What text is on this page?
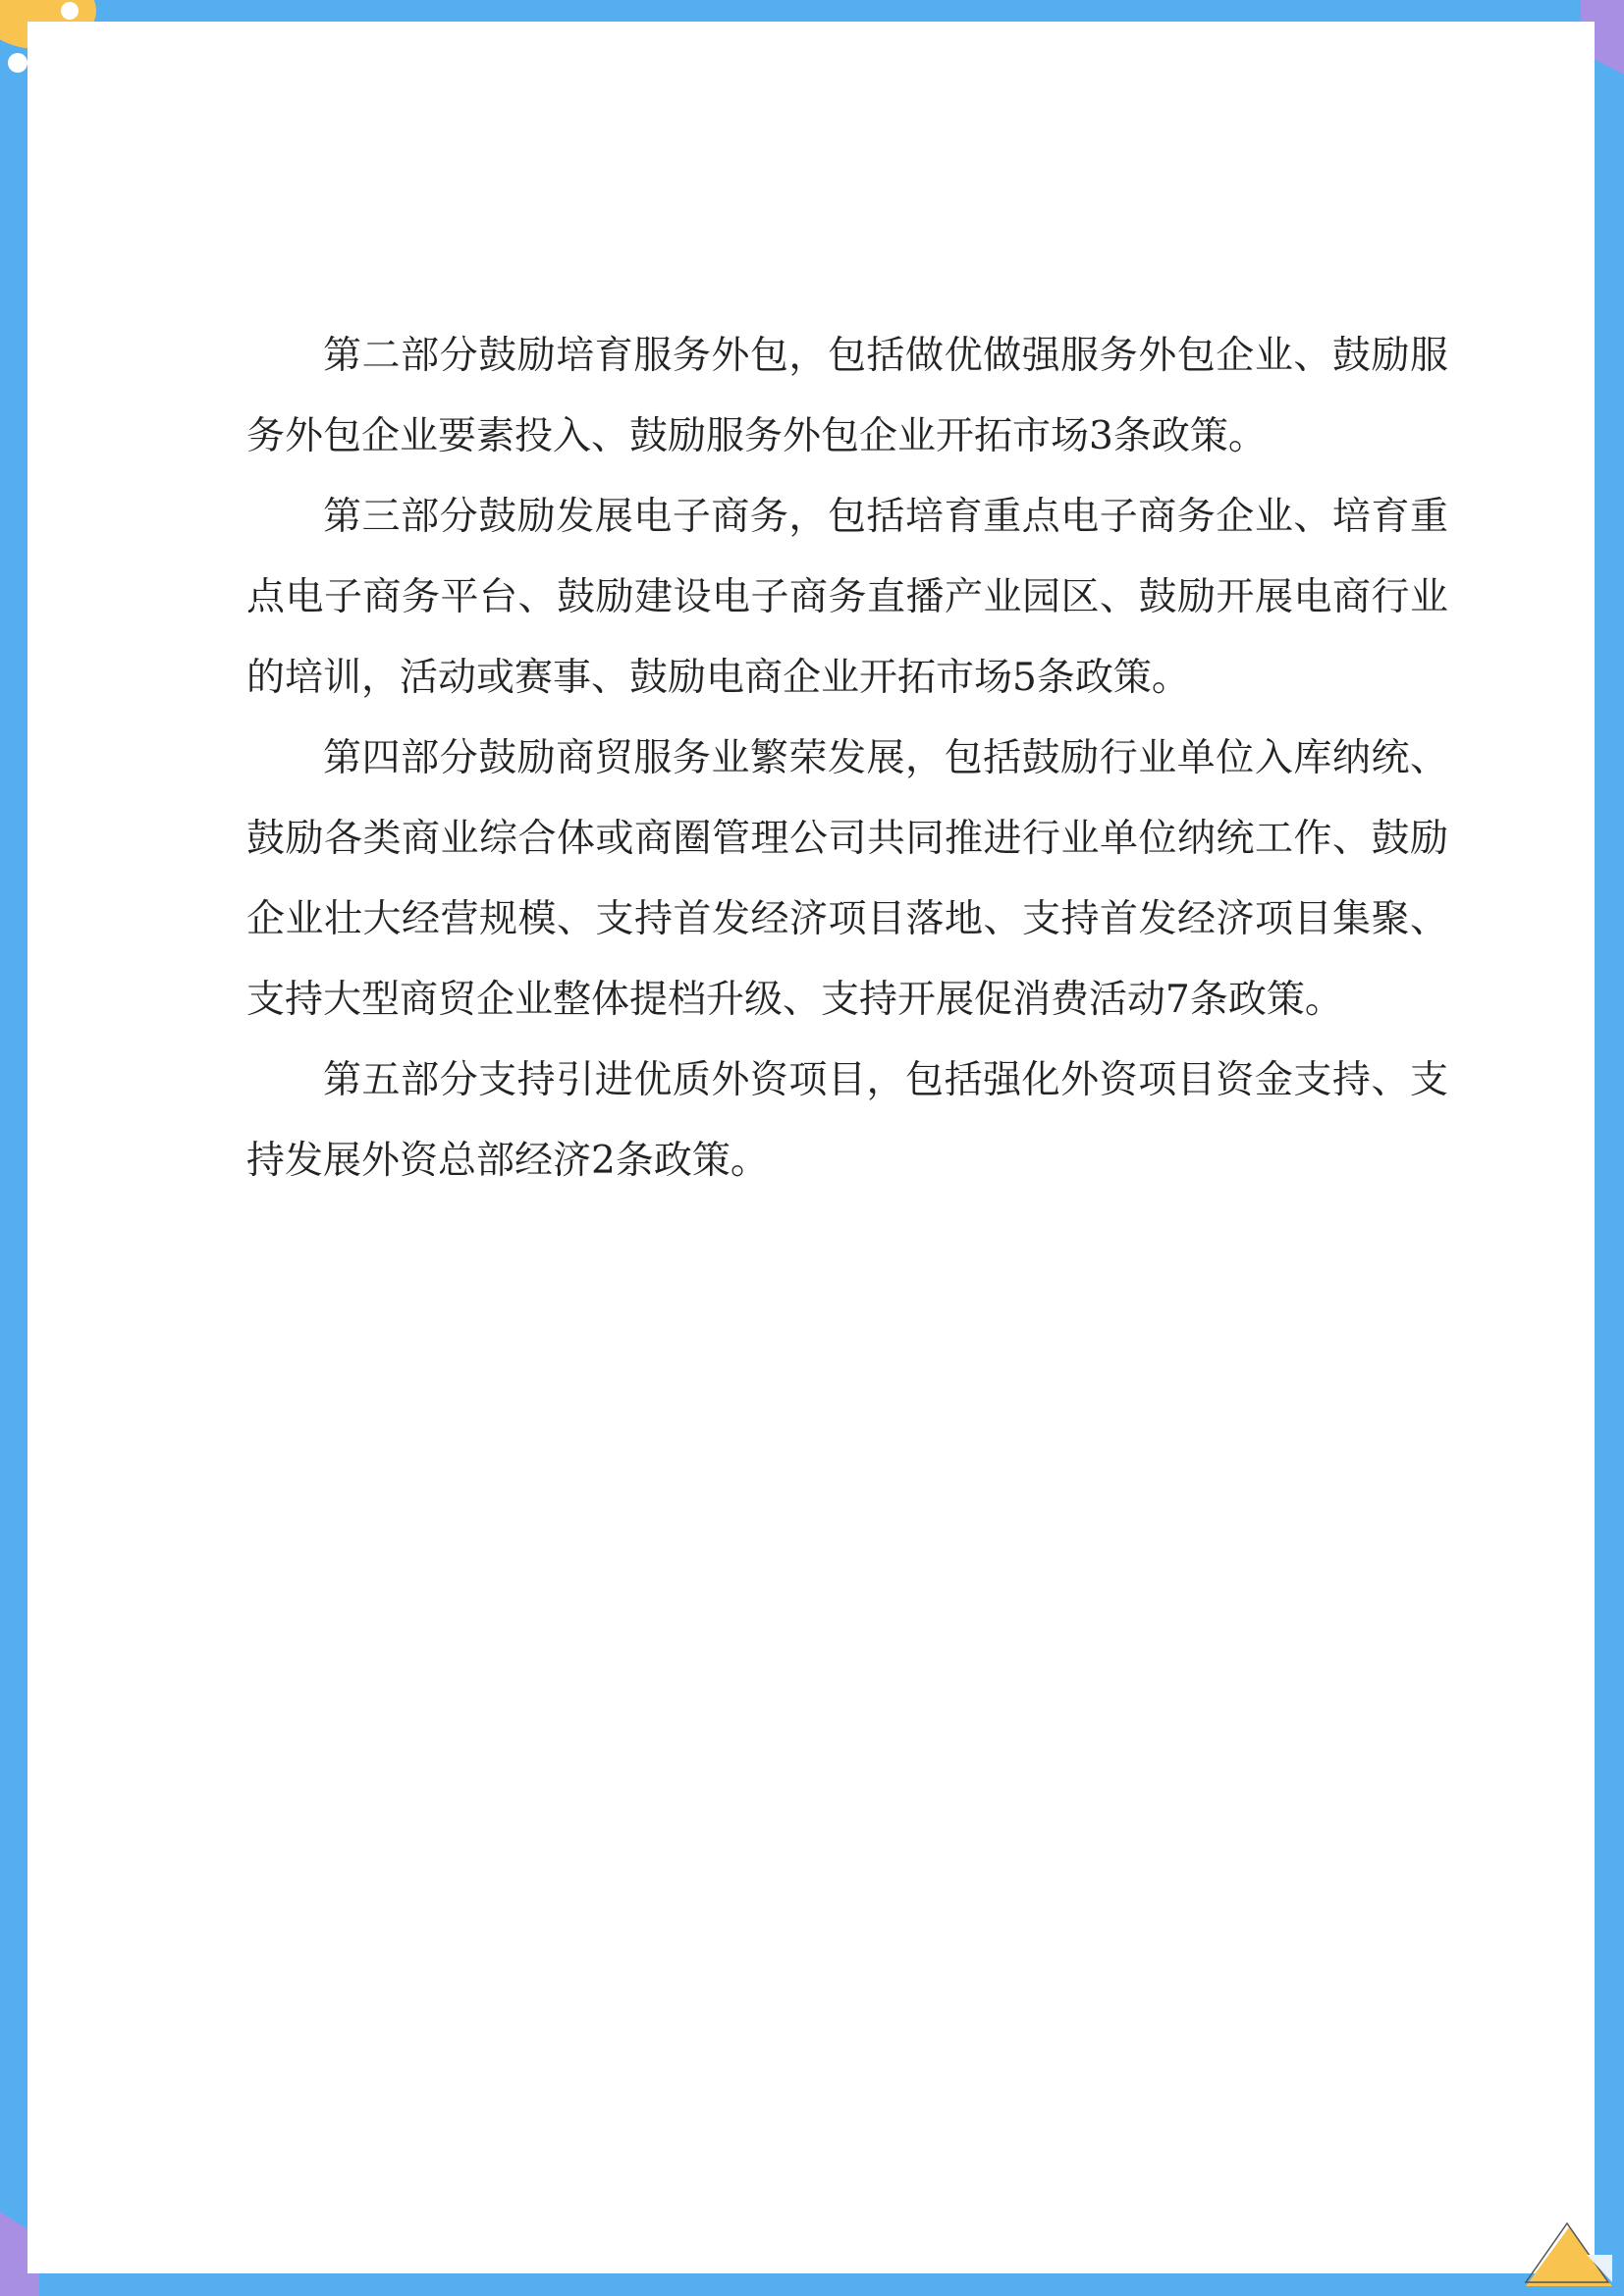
第二部分鼓励培育服务外包，包括做优做强服务外包企业、鼓励服务外包企业要素投入、鼓励服务外包企业开拓市场3条政策。

第三部分鼓励发展电子商务，包括培育重点电子商务企业、培育重点电子商务平台、鼓励建设电子商务直播产业园区、鼓励开展电商行业的培训，活动或赛事、鼓励电商企业开拓市场5条政策。

第四部分鼓励商贸服务业繁荣发展，包括鼓励行业单位入库纳统、鼓励各类商业综合体或商圈管理公司共同推进行业单位纳统工作、鼓励企业壮大经营规模、支持首发经济项目落地、支持首发经济项目集聚、支持大型商贸企业整体提档升级、支持开展促消费活动7条政策。

第五部分支持引进优质外资项目，包括强化外资项目资金支持、支持发展外资总部经济2条政策。
